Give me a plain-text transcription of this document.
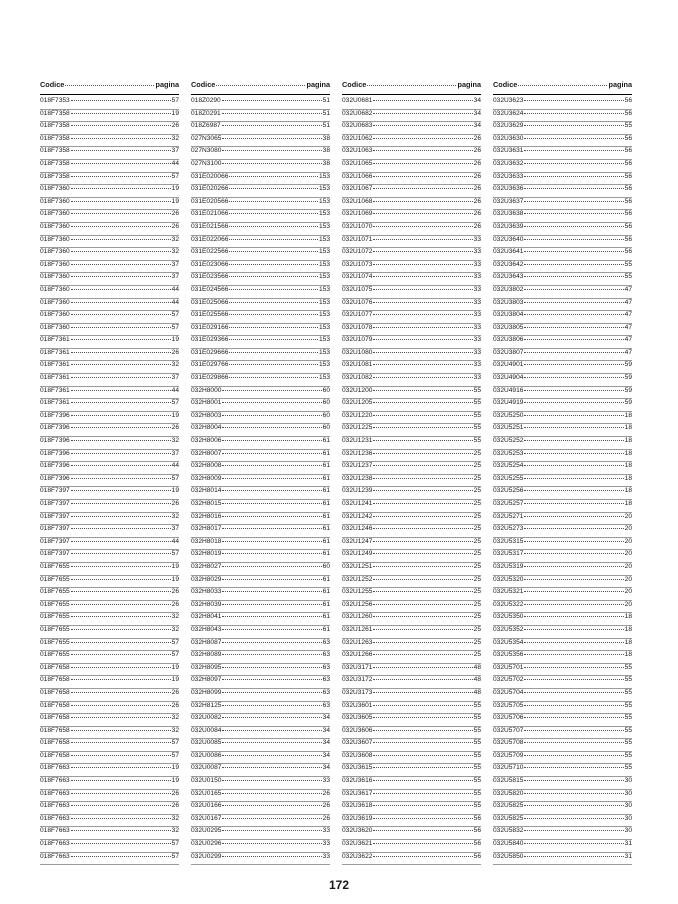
Codice	pagina
018F7353	57
018F7358	19
018F7358	26
018F7358	32
018F7358	37
018F7358	44
018F7358	57
018F7360	19
018F7360	19
018F7360	26
018F7360	26
018F7360	32
018F7360	32
018F7360	37
018F7360	37
018F7360	44
018F7360	44
018F7360	57
018F7360	57
018F7361	19
018F7361	26
018F7361	32
018F7361	37
018F7361	44
018F7361	57
018F7396	19
018F7396	26
018F7396	32
018F7396	37
018F7396	44
018F7396	57
018F7397	19
018F7397	26
018F7397	32
018F7397	37
018F7397	44
018F7397	57
018F7655	19
018F7655	19
018F7655	26
018F7655	26
018F7655	32
018F7655	32
018F7655	57
018F7655	57
018F7658	19
018F7658	19
018F7658	26
018F7658	26
018F7658	32
018F7658	32
018F7658	57
018F7658	57
018F7663	19
018F7663	19
018F7663	26
018F7663	26
018F7663	32
018F7663	32
018F7663	57
018F7663	57
Codice	pagina
018Z0290	51
018Z0291	51
018Z6987	51
027N3065	38
027N3080	38
027N3100	38
031E020066	153
031E020266	153
031E020566	153
031E021066	153
031E021566	153
031E022066	153
031E022566	153
031E023066	153
031E023566	153
031E024566	153
031E025066	153
031E025566	153
031E029166	153
031E029366	153
031E029666	153
031E029766	153
031E029866	153
032H8000	60
032H8001	60
032H8003	60
032H8004	60
032H8006	61
032H8007	61
032H8008	61
032H8009	61
032H8014	61
032H8015	61
032H8016	61
032H8017	61
032H8018	61
032H8019	61
032H8027	60
032H8029	61
032H8033	61
032H8039	61
032H8041	61
032H8043	61
032H8087	63
032H8089	63
032H8095	63
032H8097	63
032H8099	63
032H8125	63
032U0082	34
032U0084	34
032U0085	34
032U0086	34
032U0087	34
032U0150	33
032U0165	26
032U0166	26
032U0167	26
032U0295	33
032U0296	33
032U0299	33
Codice	pagina
032U0681	34
032U0682	34
032U0683	34
032U1062	26
032U1063	26
032U1065	26
032U1066	26
032U1067	26
032U1068	26
032U1069	26
032U1070	26
032U1071	33
032U1072	33
032U1073	33
032U1074	33
032U1075	33
032U1076	33
032U1077	33
032U1078	33
032U1079	33
032U1080	33
032U1081	33
032U1082	33
032U1200	55
032U1205	55
032U1220	55
032U1225	55
032U1231	55
032U1236	25
032U1237	25
032U1238	25
032U1239	25
032U1241	25
032U1242	25
032U1246	25
032U1247	25
032U1249	25
032U1251	25
032U1252	25
032U1255	25
032U1256	25
032U1260	25
032U1261	25
032U1263	25
032U1266	25
032U3171	48
032U3172	48
032U3173	48
032U3601	55
032U3605	55
032U3606	55
032U3607	55
032U3608	55
032U3615	55
032U3616	55
032U3617	55
032U3618	55
032U3619	56
032U3620	56
032U3621	56
032U3622	56
Codice	pagina
032U3623	56
032U3624	56
032U3629	55
032U3630	56
032U3631	56
032U3632	56
032U3633	56
032U3636	56
032U3637	56
032U3638	56
032U3639	56
032U3640	56
032U3641	56
032U3642	55
032U3643	55
032U3802	47
032U3803	47
032U3804	47
032U3805	47
032U3806	47
032U3807	47
032U4901	59
032U4904	59
032U4916	59
032U4919	59
032U5250	18
032U5251	18
032U5252	18
032U5253	18
032U5254	18
032U5255	18
032U5256	18
032U5257	18
032U5271	20
032U5273	20
032U5315	20
032U5317	20
032U5319	20
032U5320	20
032U5321	20
032U5322	20
032U5350	18
032U5352	18
032U5354	18
032U5356	18
032U5701	55
032U5702	55
032U5704	55
032U5705	55
032U5706	55
032U5707	55
032U5708	55
032U5709	55
032U5710	55
032U5815	30
032U5820	30
032U5825	30
032U5825	30
032U5832	30
032U5840	31
032U5850	31
172
